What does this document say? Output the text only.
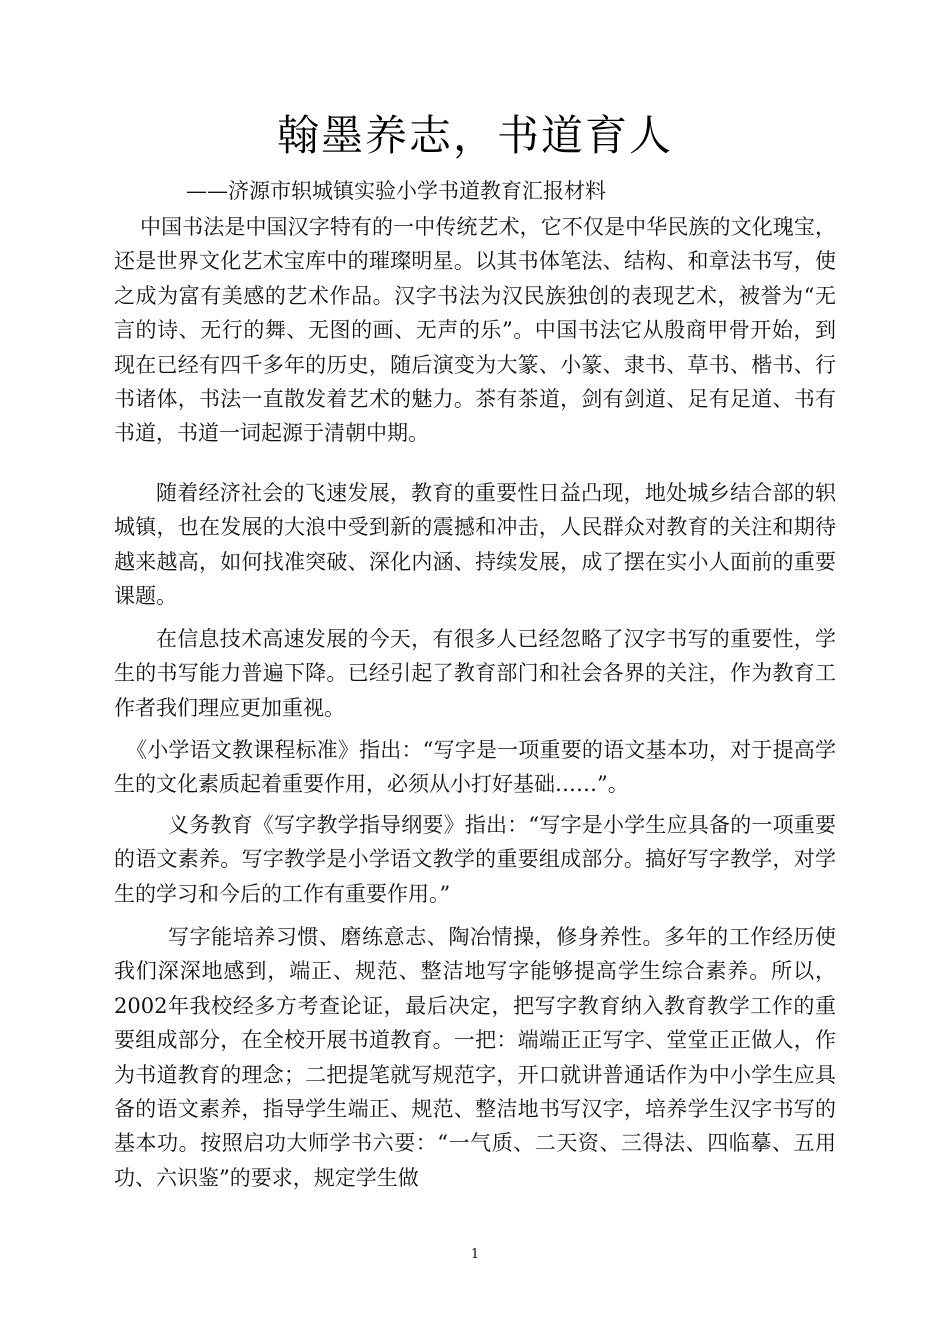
翰墨养志，书道育人
——济源市轵城镇实验小学书道教育汇报材料

中国书法是中国汉字特有的一中传统艺术，它不仅是中华民族的文化瑰宝，还是世界文化艺术宝库中的璀璨明星。以其书体笔法、结构、和章法书写，使之成为富有美感的艺术作品。汉字书法为汉民族独创的表现艺术，被誉为“无言的诗、无行的舞、无图的画、无声的乐”。中国书法它从殷商甲骨开始，到现在已经有四千多年的历史，随后演变为大篆、小篆、隶书、草书、楷书、行书诸体，书法一直散发着艺术的魅力。茶有茶道，剑有剑道、足有足道、书有书道，书道一词起源于清朝中期。

随着经济社会的飞速发展，教育的重要性日益凸现，地处城乡结合部的轵城镇，也在发展的大浪中受到新的震撼和冲击，人民群众对教育的关注和期待越来越高，如何找准突破、深化内涵、持续发展，成了摆在实小人面前的重要课题。

在信息技术高速发展的今天，有很多人已经忽略了汉字书写的重要性，学生的书写能力普遍下降。已经引起了教育部门和社会各界的关注，作为教育工作者我们理应更加重视。

《小学语文教课程标准》指出：“写字是一项重要的语文基本功，对于提高学生的文化素质起着重要作用，必须从小打好基础……”。

义务教育《写字教学指导纲要》指出：“写字是小学生应具备的一项重要的语文素养。写字教学是小学语文教学的重要组成部分。搞好写字教学，对学生的学习和今后的工作有重要作用。”

写字能培养习惯、磨练意志、陶冶情操，修身养性。多年的工作经历使我们深深地感到，端正、规范、整洁地写字能够提高学生综合素养。所以，2002年我校经多方考查论证，最后决定，把写字教育纳入教育教学工作的重要组成部分，在全校开展书道教育。一把：端端正正写字、堂堂正正做人，作为书道教育的理念；二把提笔就写规范字，开口就讲普通话作为中小学生应具备的语文素养，指导学生端正、规范、整洁地书写汉字，培养学生汉字书写的基本功。按照启功大师学书六要：“一气质、二天资、三得法、四临摹、五用功、六识鉴”的要求，规定学生做

1
